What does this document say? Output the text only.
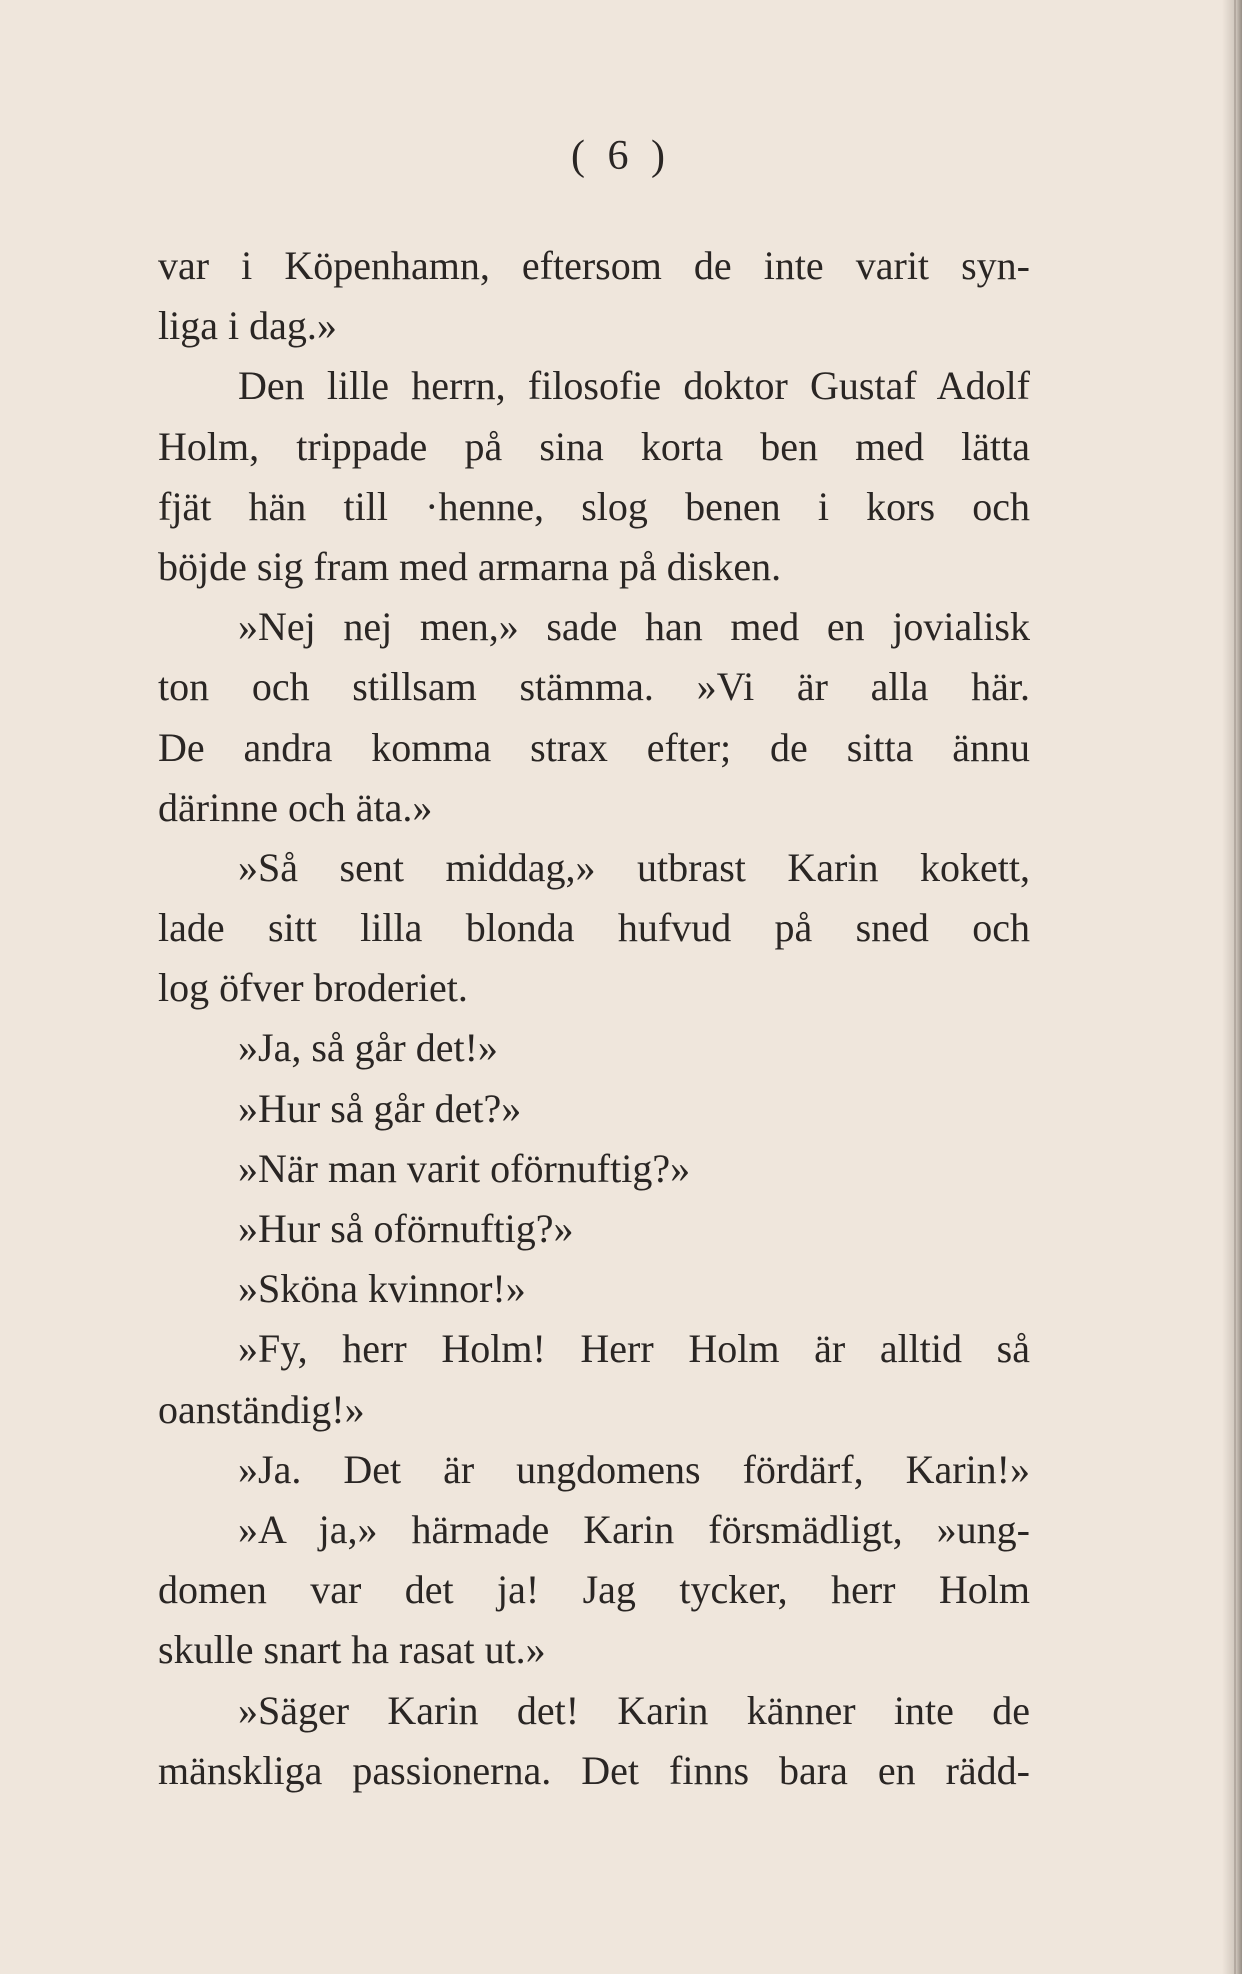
( 6 )
var i Köpenhamn, eftersom de inte varit syn-
liga i dag.»
Den lille herrn, filosofie doktor Gustaf Adolf
Holm, trippade på sina korta ben med lätta
fjät hän till ·henne, slog benen i kors och
böjde sig fram med armarna på disken.
»Nej nej men,» sade han med en jovialisk
ton och stillsam stämma. »Vi är alla här.
De andra komma strax efter; de sitta ännu
därinne och äta.»
»Så sent middag,» utbrast Karin kokett,
lade sitt lilla blonda hufvud på sned och
log öfver broderiet.
»Ja, så går det!»
»Hur så går det?»
»När man varit oförnuftig?»
»Hur så oförnuftig?»
»Sköna kvinnor!»
»Fy, herr Holm! Herr Holm är alltid så
oanständig!»
»Ja. Det är ungdomens fördärf, Karin!»
»A ja,» härmade Karin försmädligt, »ung-
domen var det ja! Jag tycker, herr Holm
skulle snart ha rasat ut.»
»Säger Karin det! Karin känner inte de
mänskliga passionerna. Det finns bara en rädd-
